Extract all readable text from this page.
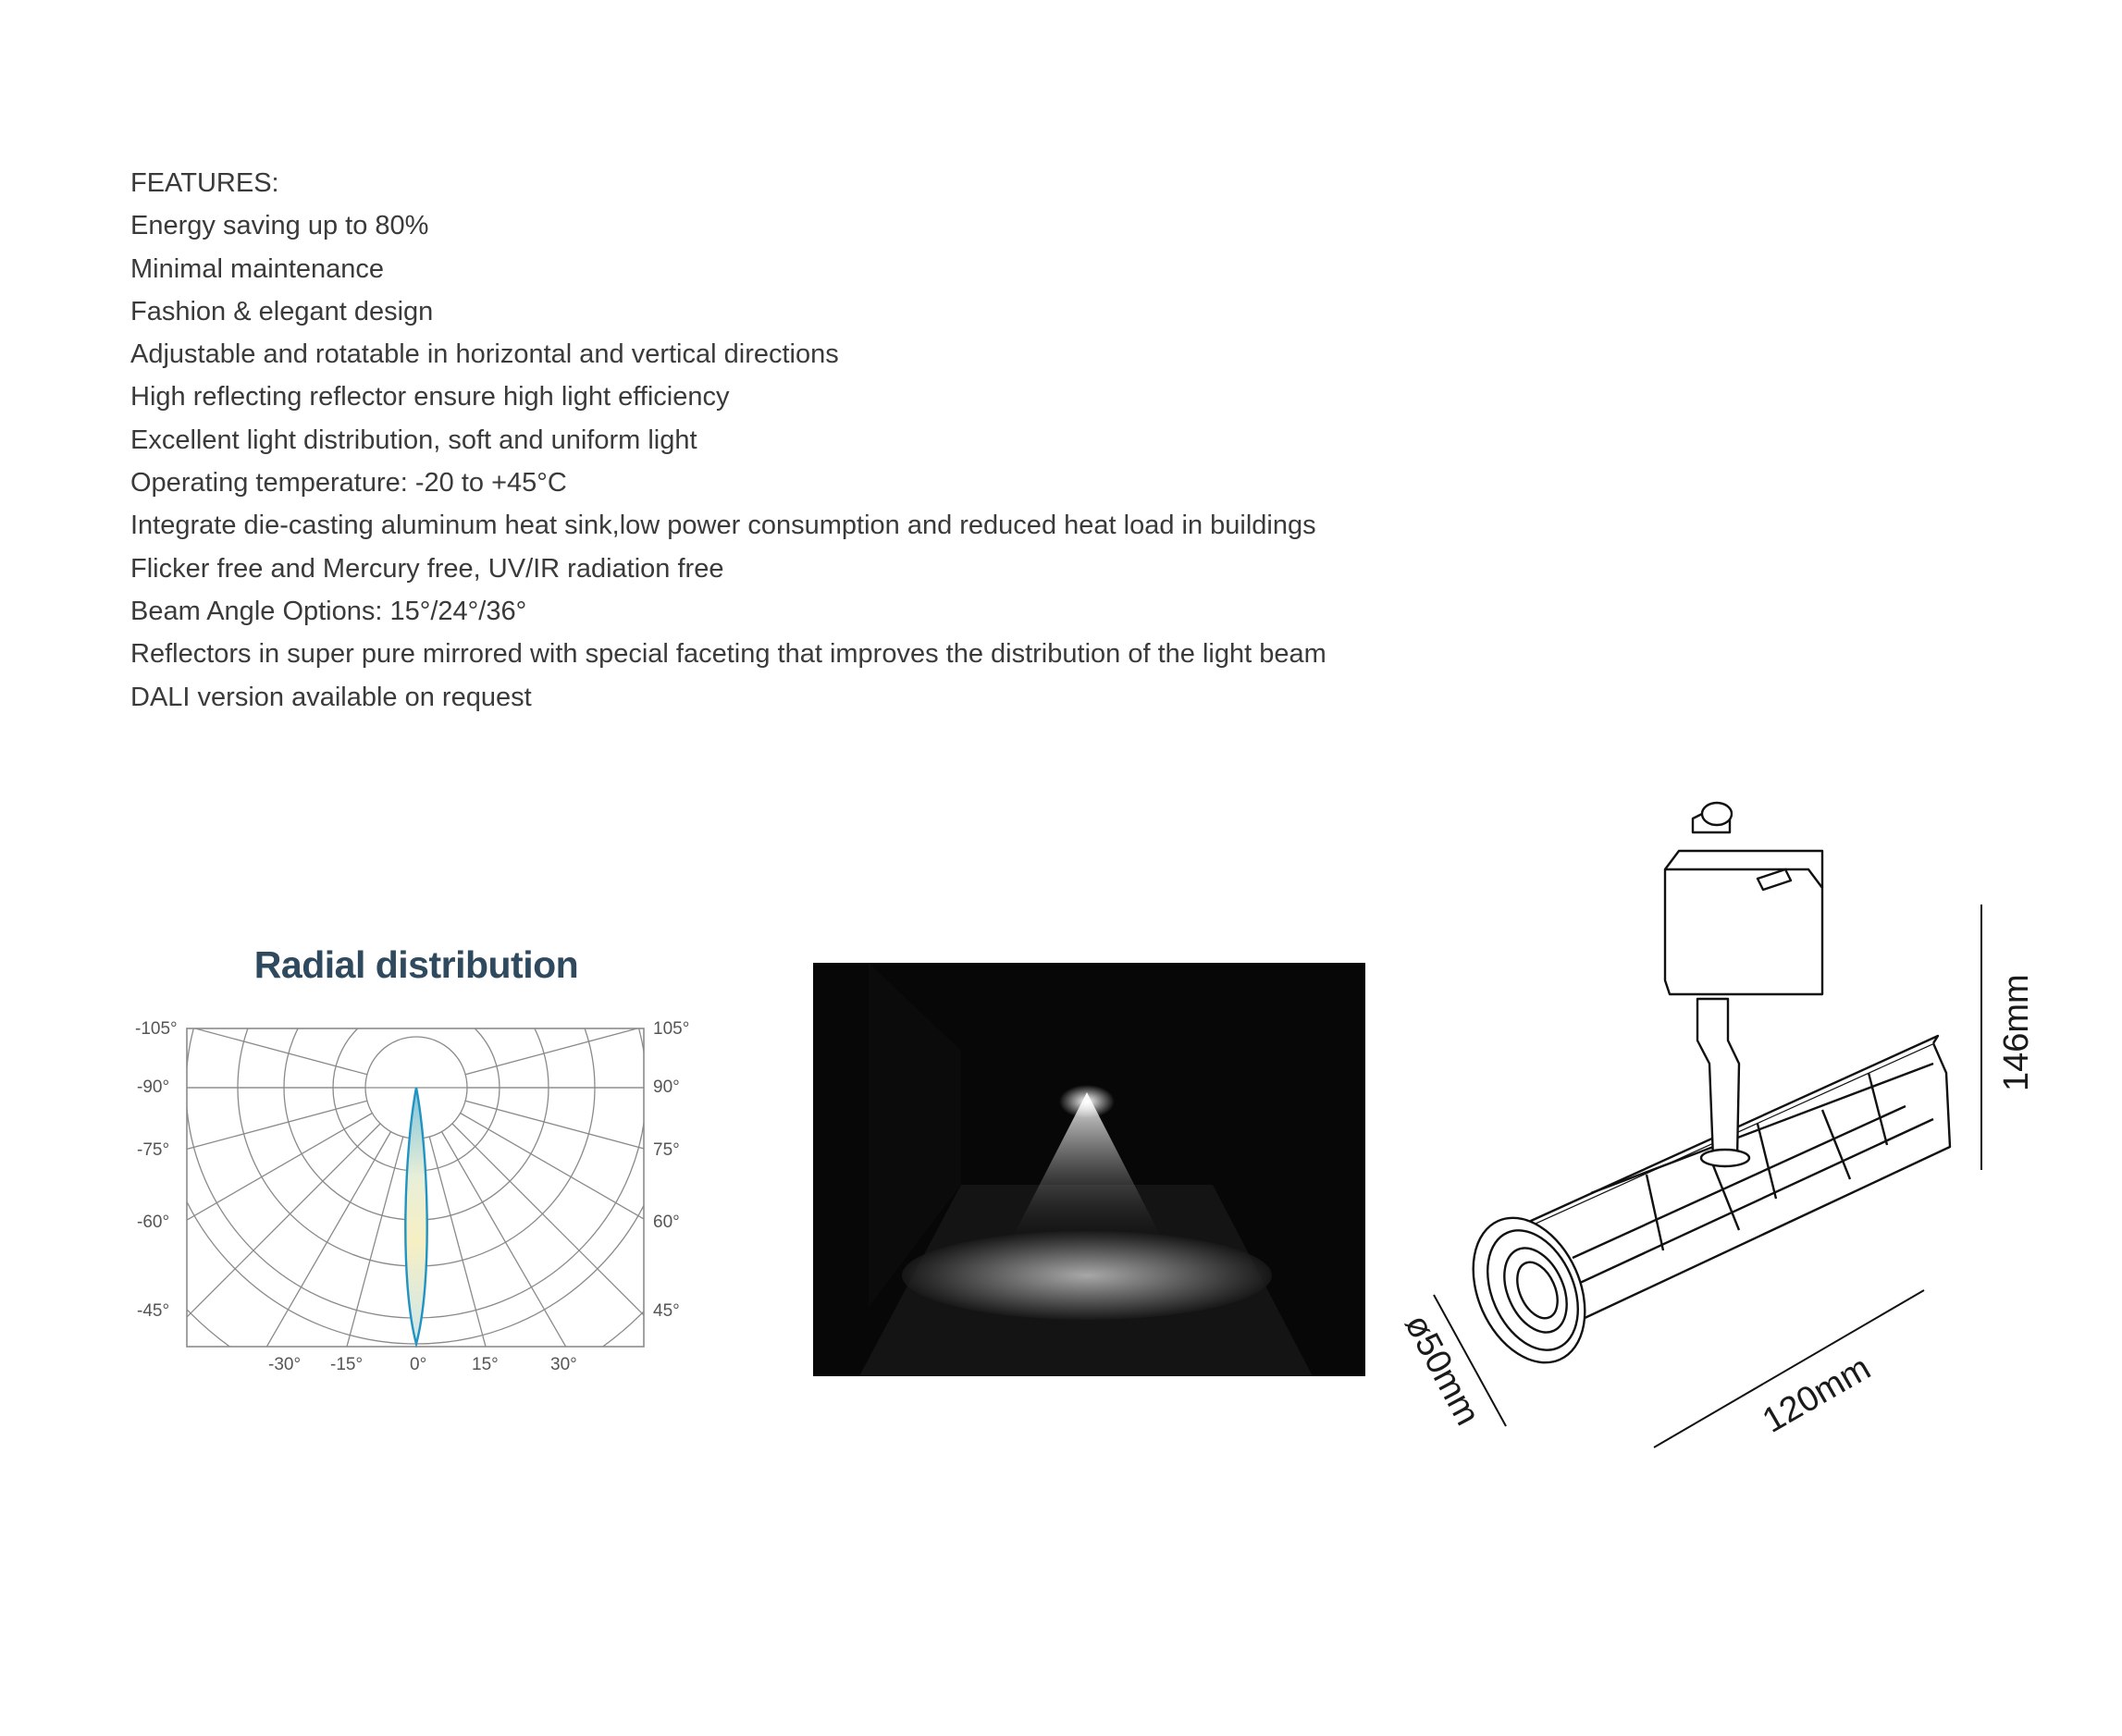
FEATURES:
Energy saving up to 80%
Minimal maintenance
Fashion & elegant design
Adjustable and rotatable in horizontal and vertical directions
High reflecting reflector ensure high light efficiency
Excellent light distribution, soft and uniform light
Operating temperature: -20 to +45°C
Integrate die-casting aluminum heat sink,low power consumption and reduced heat load in buildings
Flicker free and Mercury free, UV/IR radiation free
Beam Angle Options: 15°/24°/36°
Reflectors in super pure mirrored with special faceting that improves the distribution of the light beam
DALI version available on request
Radial distribution
-105°
-90°
-75°
-60°
-45°
105°
90°
75°
60°
45°
-30° -15°	0°	15°	30°
146mm
ø50mm	120mm
